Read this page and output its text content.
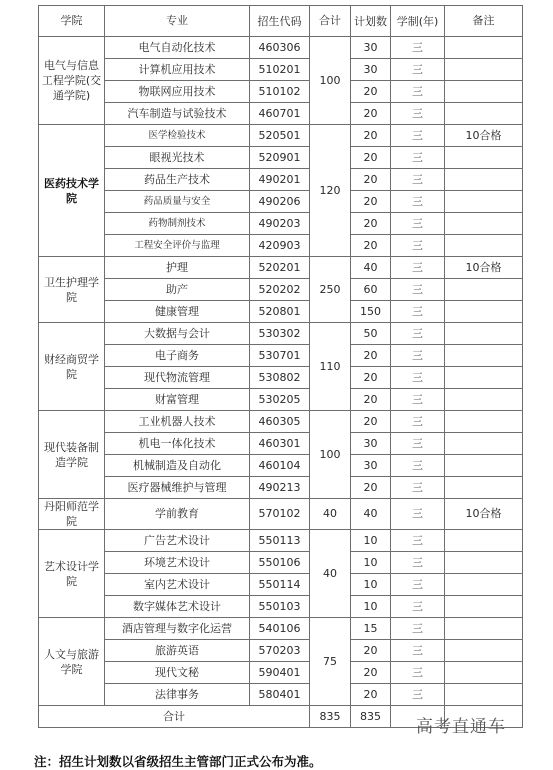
学院	专业	招生代码	合计	计划数	学制(年)	备注
电气与信息工程学院(交通学院)	电气自动化技术	460306	100	30	三	
	计算机应用技术	510201		30	三	
	物联网应用技术	510102		20	三	
	汽车制造与试验技术	460701		20	三	
医药技术学院	医学检验技术	520501	120	20	三	10合格
	眼视光技术	520901		20	三	
	药品生产技术	490201		20	三	
	药品质量与安全	490206		20	三	
	药物制剂技术	490203		20	三	
	工程安全评价与监理	420903		20	三	
卫生护理学院	护理	520201	250	40	三	10合格
	助产	520202		60	三	
	健康管理	520801		150	三	
财经商贸学院	大数据与会计	530302	110	50	三	
	电子商务	530701		20	三	
	现代物流管理	530802		20	三	
	财富管理	530205		20	三	
现代装备制造学院	工业机器人技术	460305	100	20	三	
	机电一体化技术	460301		30	三	
	机械制造及自动化	460104		30	三	
	医疗器械维护与管理	490213		20	三	
丹阳师范学院	学前教育	570102	40	40	三	10合格
艺术设计学院	广告艺术设计	550113	40	10	三	
	环境艺术设计	550106		10	三	
	室内艺术设计	550114		10	三	
	数字媒体艺术设计	550103		10	三	
人文与旅游学院	酒店管理与数字化运营	540106	75	15	三	
	旅游英语	570203		20	三	
	现代文秘	590401		20	三	
	法律事务	580401		20	三	
合计			835	835		
高考直通车
注：招生计划数以省级招生主管部门正式公布为准。
